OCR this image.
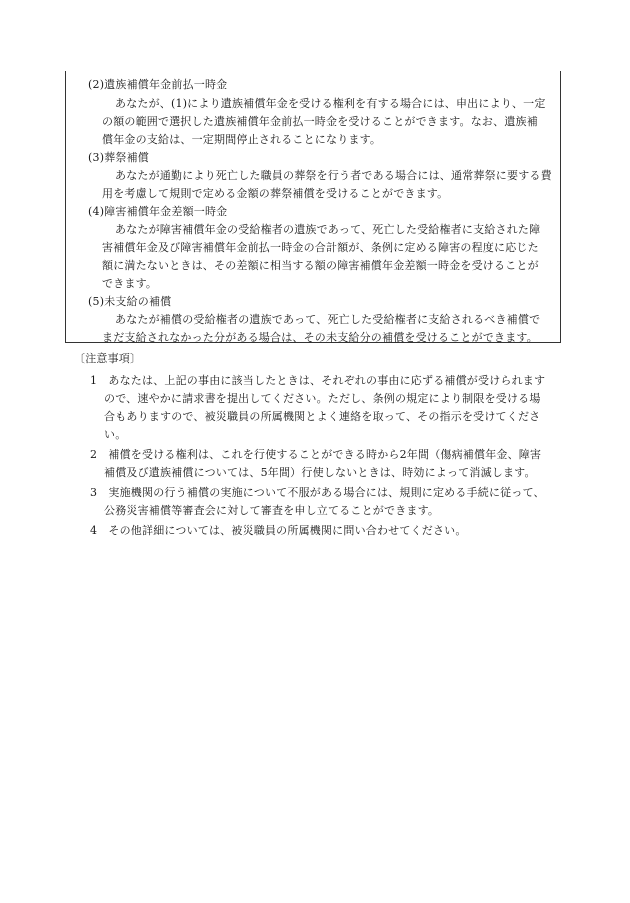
(2)遺族補償年金前払一時金
あなたが、(1)により遺族補償年金を受ける権利を有する場合には、申出により、一定
の額の範囲で選択した遺族補償年金前払一時金を受けることができます。なお、遺族補
償年金の支給は、一定期間停止されることになります。
(3)葬祭補償
あなたが通勤により死亡した職員の葬祭を行う者である場合には、通常葬祭に要する費
用を考慮して規則で定める金額の葬祭補償を受けることができます。
(4)障害補償年金差額一時金
あなたが障害補償年金の受給権者の遺族であって、死亡した受給権者に支給された障
害補償年金及び障害補償年金前払一時金の合計額が、条例に定める障害の程度に応じた
額に満たないときは、その差額に相当する額の障害補償年金差額一時金を受けることが
できます。
(5)未支給の補償
あなたが補償の受給権者の遺族であって、死亡した受給権者に支給されるべき補償で
まだ支給されなかった分がある場合は、その未支給分の補償を受けることができます。
〔注意事項〕
1　あなたは、上記の事由に該当したときは、それぞれの事由に応ずる補償が受けられます
ので、速やかに請求書を提出してください。ただし、条例の規定により制限を受ける場
合もありますので、被災職員の所属機関とよく連絡を取って、その指示を受けてくださ
い。
2　補償を受ける権利は、これを行使することができる時から2年間（傷病補償年金、障害
補償及び遺族補償については、5年間）行使しないときは、時効によって消滅します。
3　実施機関の行う補償の実施について不服がある場合には、規則に定める手続に従って、
公務災害補償等審査会に対して審査を申し立てることができます。
4　その他詳細については、被災職員の所属機関に問い合わせてください。
